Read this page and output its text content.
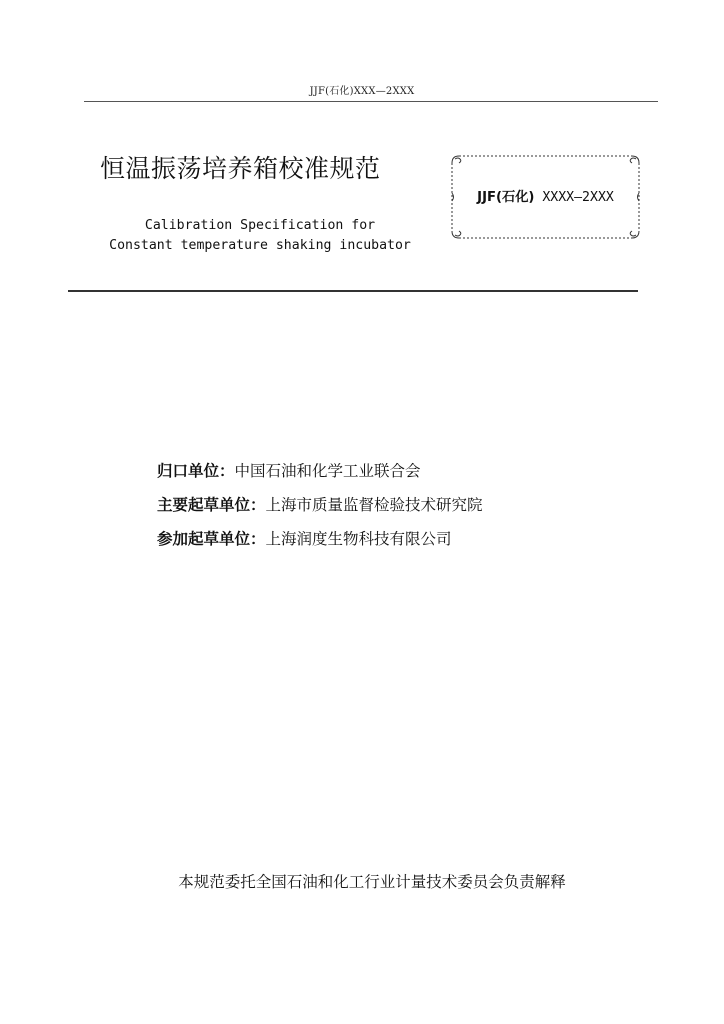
JJF(石化)XXX—2XXX
恒温振荡培养箱校准规范
Calibration Specification for
Constant temperature shaking incubator
JJF(石化) XXXX—2XXX
归口单位：中国石油和化学工业联合会
主要起草单位：上海市质量监督检验技术研究院
参加起草单位：上海润度生物科技有限公司
本规范委托全国石油和化工行业计量技术委员会负责解释
